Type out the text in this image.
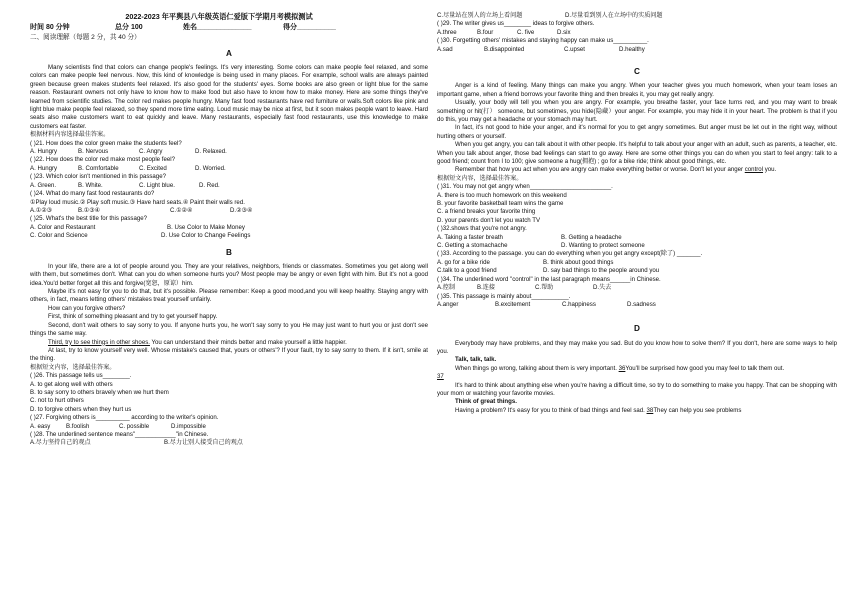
2022-2023 年平舆县八年级英语仁爱版下学期月考模拟测试
时间 80 分钟	总分 100	姓名______________	得分__________
二、阅读理解（每题 2 分，共 40 分）
A

Many scientists find that colors can change people's feelings. It's very interesting. Some colors can make people feel relaxed, and some colors can make people feel nervous. Now, this kind of knowledge is being used in many places. For example, school walls are always painted green because green makes students feel relaxed. It's also good for the students' eyes. Some books are also green or light blue for the same reason. Restaurant owners not only have to know how to make food but also have to know how to make money. Here are some things they've learned from scientific studies. The color red makes people hungry. Many fast food restaurants have red furniture or walls.Soft colors like pink and light blue make people feel relaxed, so they spend more time eating. Loud music may be nice at first, but it soon makes people want to leave. Hard seats also make customers want to eat quickly and leave. Many restaurants, especially fast food restaurants, use this knowledge to make customers eat faster.

根据材料内容选择最佳答案。
( )21. How does the color green make the students feel?
A. Hungry	B. Nervous	C. Angry	D. Relaxed.
( )22. How does the color red make most people feel?
A. Hungry	B. Comfortable	C. Excited	D. Worried.
( )23. Which color isn't mentioned in this passage?
A. Green.	B. White.	C. Light blue.	D. Red.
( )24. What do many fast food restaurants do?
①Play loud music.② Play soft music.③ Have hard seats.④ Paint their walls red.
A.①②③	B.①③④	C.①②④	D.②③④
( )25. What's the best title for this passage?
A. Color and Restaurant	B. Use Color to Make Money
C. Color and Science	D. Use Color to Change Feelings
B

In your life, there are a lot of people around you. They are your relatives, neighbors, friends or classmates. Sometimes you get along well with them, but sometimes don't. What can you do when someone hurts you? Most people may be angry or even fight with him. But it's not a good idea.You'd better forget all this and forgive(宽恕，原谅）him.

Maybe it's not easy for you to do that, but it's possible. Please remember: Keep a good mood,and you will keep healthy. Staying angry with others, in fact, means letting others' mistakes treat yourself unfairly.

How can you forgive others?

First, think of something pleasant and try to get yourself happy.

Second, don't wait others to say sorry to you. If anyone hurts you, he won't say sorry to you He may just want to hurt you or just don't see things the same way.

Third, try to see things in other shoes. You can understand their minds better and make yourself a little happier.

At last, try to know yourself very well. Whose mistake's caused that, yours or others'? If your fault, try to say sorry to them. If it isn't, smile at the thing.

根据短文内容，选择最佳答案。
( )26. This passage tells us________.
A. to get along well with others
B. to say sorry to others bravely when we hurt them
C. not to hurt others
D. to forgive others when they hurt us
( )27. Forgiving others is__________ according to the writer's opinion.
A. easy	B.foolish	C. possible	D.impossible
( )28. The underlined sentence means"____________"in Chinese.
A.尽力坚持自己的观点	B.尽力让别人接受自己的观点
C.尽量站在别人的立场上看问题	D.尽量看到别人在立场中的实质问题
( )29. The writer gives us________ ideas to forgive others.
A.three	B.four	C. five	D.six
( )30. Forgetting others' mistakes and staying happy can make us__________.
A.sad	B.disappointed	C.upset	D.healthy
C

Anger is a kind of feeling. Many things can make you angry. When your teacher gives you much homework, when your team loses an important game, when a friend borrows your favorite thing and then breaks it, you may get really angry.

Usually, your body will tell you when you are angry. For example, you breathe faster, your face turns red, and you may want to break something or hit(打） someone, but sometimes, you hide(隐藏）your anger. For example, you may hide it in your heart. The problem is that if you do this, you may get a headache or your stomach may hurt.

In fact, it's not good to hide your anger, and it's normal for you to get angry sometimes. But anger must be let out in the right way, without hurting others or yourself.

When you get angry, you can talk about it with other people. It's helpful to talk about your anger with an adult, such as parents, a teacher, etc. When you talk about anger, those bad feelings can start to go away. Here are some other things you can do when you start to feel angry: talk to a good friend; count from I to 100; give someone a hug(拥抱) ; go for a bike ride; think about good things, etc.

Remember that how you act when you are angry can make everything better or worse. Don't let your anger control you.

根据短文内容，选择最佳答案。
( )31. You may not get angry when________________________.
A. there is too much homework on this weekend
B. your favorite basketball team wins the game
C. a friend breaks your favorite thing
D. your parents don't let you watch TV
( )32.shows that you're not angry.
A. Taking a faster breath	B. Getting a headache
C. Getting a stomachache	D. Wanting to protect someone
( )33. According to the passage. you can do everything when you get angry except(除了) _______.
A. go for a bike ride	B. think about good things
C.talk to a good friend	D. say bad things to the people around you
( )34. The underlined word "control" in the last paragraph means______in Chinese.
A.控制	B.连接	C.帮助	D.失去
( )35. This passage is mainly about___________.
A.anger	B.excitement	C.happiness	D.sadness
D

Everybody may have problems, and they may make you sad. But do you know how to solve them? If you don't, here are some ways to help you.

Talk, talk, talk.

When things go wrong, talking about them is very important. 36You'll be surprised how good you may feel to talk them out.

37

It's hard to think about anything else when you're having a difficult time, so try to do something to make you happy. That can be shopping with your mom or watching your favorite movies.

Think of great things.

Having a problem? It's easy for you to think of bad things and feel sad. 38They can help you see problems
